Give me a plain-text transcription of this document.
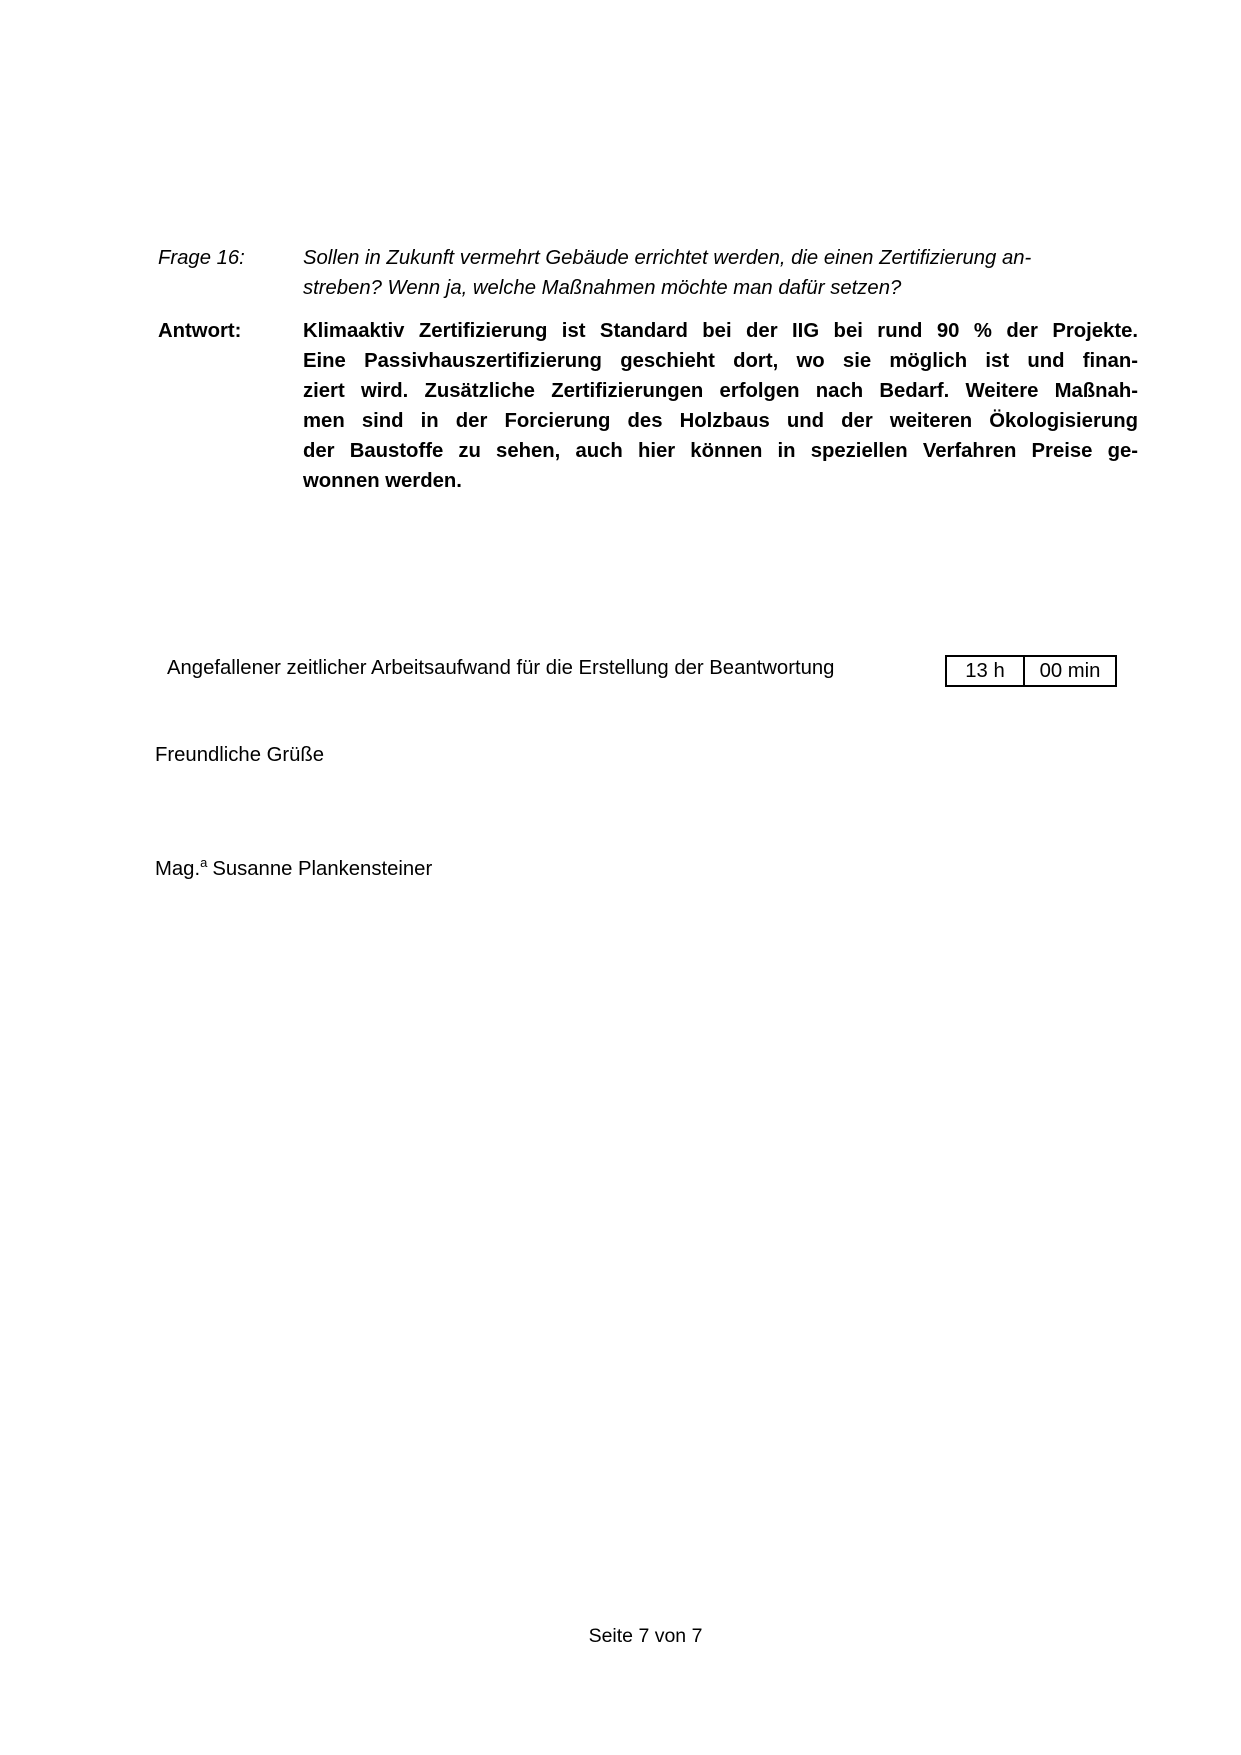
Frage 16:	Sollen in Zukunft vermehrt Gebäude errichtet werden, die einen Zertifizierung an-
streben? Wenn ja, welche Maßnahmen möchte man dafür setzen?
Antwort:	Klimaaktiv Zertifizierung ist Standard bei der IIG bei rund 90 % der Projekte.
Eine Passivhauszertifizierung geschieht dort, wo sie möglich ist und finan-
ziert wird. Zusätzliche Zertifizierungen erfolgen nach Bedarf. Weitere Maßnah-
men sind in der Forcierung des Holzbaus und der weiteren Ökologisierung
der Baustoffe zu sehen, auch hier können in speziellen Verfahren Preise ge-
wonnen werden.
Angefallener zeitlicher Arbeitsaufwand für die Erstellung der Beantwortung	13 h	00 min
Freundliche Grüße
Mag.$^a$ Susanne Plankensteiner
Seite 7 von 7
